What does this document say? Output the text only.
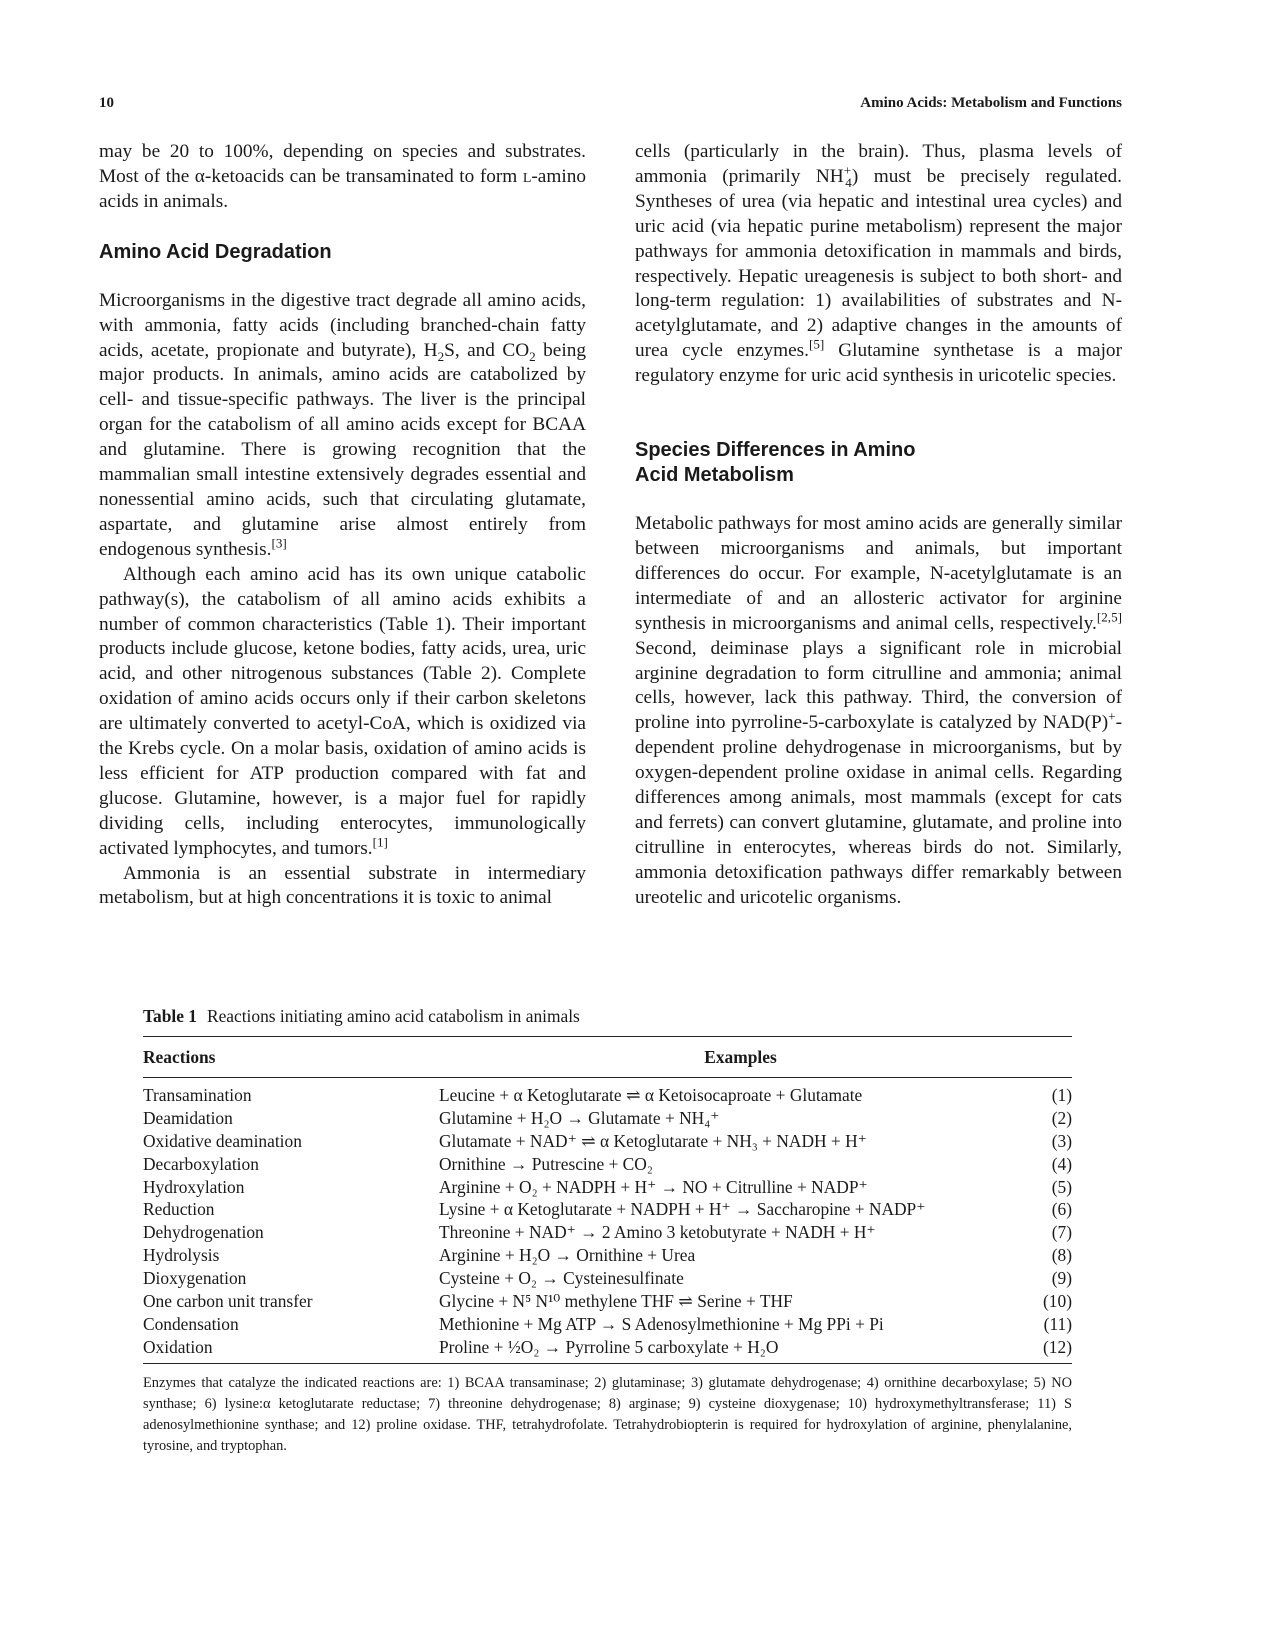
10	Amino Acids: Metabolism and Functions

may be 20 to 100%, depending on species and substrates. Most of the α-ketoacids can be transaminated to form l-amino acids in animals.

Amino Acid Degradation

Microorganisms in the digestive tract degrade all amino acids, with ammonia, fatty acids (including branched-chain fatty acids, acetate, propionate and butyrate), $H_2S$, and $CO_2$ being major products. In animals, amino acids are catabolized by cell- and tissue-specific pathways. The liver is the principal organ for the catabolism of all amino acids except for BCAA and glutamine. There is growing recognition that the mammalian small intestine extensively degrades essential and nonessential amino acids, such that circulating glutamate, aspartate, and glutamine arise almost entirely from endogenous synthesis.[3]

Although each amino acid has its own unique catabolic pathway(s), the catabolism of all amino acids exhibits a number of common characteristics (Table 1). Their important products include glucose, ketone bodies, fatty acids, urea, uric acid, and other nitrogenous substances (Table 2). Complete oxidation of amino acids occurs only if their carbon skeletons are ultimately converted to acetyl-CoA, which is oxidized via the Krebs cycle. On a molar basis, oxidation of amino acids is less efficient for ATP production compared with fat and glucose. Glutamine, however, is a major fuel for rapidly dividing cells, including enterocytes, immunologically activated lymphocytes, and tumors.[1]

Ammonia is an essential substrate in intermediary metabolism, but at high concentrations it is toxic to animal

cells (particularly in the brain). Thus, plasma levels of ammonia (primarily $NH^+_4$) must be precisely regulated. Syntheses of urea (via hepatic and intestinal urea cycles) and uric acid (via hepatic purine metabolism) represent the major pathways for ammonia detoxification in mammals and birds, respectively. Hepatic ureagenesis is subject to both short- and long-term regulation: 1) availabilities of substrates and N-acetylglutamate, and 2) adaptive changes in the amounts of urea cycle enzymes.[5] Glutamine synthetase is a major regulatory enzyme for uric acid synthesis in uricotelic species.

Species Differences in Amino
Acid Metabolism

Metabolic pathways for most amino acids are generally similar between microorganisms and animals, but important differences do occur. For example, N-acetylglutamate is an intermediate of and an allosteric activator for arginine synthesis in microorganisms and animal cells, respectively.[2,5] Second, deiminase plays a significant role in microbial arginine degradation to form citrulline and ammonia; animal cells, however, lack this pathway. Third, the conversion of proline into pyrroline-5-carboxylate is catalyzed by NAD(P)+-dependent proline dehydrogenase in microorganisms, but by oxygen-dependent proline oxidase in animal cells. Regarding differences among animals, most mammals (except for cats and ferrets) can convert glutamine, glutamate, and proline into citrulline in enterocytes, whereas birds do not. Similarly, ammonia detoxification pathways differ remarkably between ureotelic and uricotelic organisms.

Table 1 Reactions initiating amino acid catabolism in animals
Reactions	Examples
Transamination	Leucine + α Ketoglutarate ⇌ α Ketoisocaproate + Glutamate	(1)
Deamidation	Glutamine + H₂O → Glutamate + NH₄⁺	(2)
Oxidative deamination	Glutamate + NAD⁺ ⇌ α Ketoglutarate + NH₃ + NADH + H⁺	(3)
Decarboxylation	Ornithine → Putrescine + CO₂	(4)
Hydroxylation	Arginine + O₂ + NADPH + H⁺ → NO + Citrulline + NADP⁺	(5)
Reduction	Lysine + α Ketoglutarate + NADPH + H⁺ → Saccharopine + NADP⁺	(6)
Dehydrogenation	Threonine + NAD⁺ → 2 Amino 3 ketobutyrate + NADH + H⁺	(7)
Hydrolysis	Arginine + H₂O → Ornithine + Urea	(8)
Dioxygenation	Cysteine + O₂ → Cysteinesulfinate	(9)
One carbon unit transfer	Glycine + N⁵ N¹⁰ methylene THF ⇌ Serine + THF	(10)
Condensation	Methionine + Mg ATP → S Adenosylmethionine + Mg PPi + Pi	(11)
Oxidation	Proline + ½O₂ → Pyrroline 5 carboxylate + H₂O	(12)
Enzymes that catalyze the indicated reactions are: 1) BCAA transaminase; 2) glutaminase; 3) glutamate dehydrogenase; 4) ornithine decarboxylase; 5) NO synthase; 6) lysine:α ketoglutarate reductase; 7) threonine dehydrogenase; 8) arginase; 9) cysteine dioxygenase; 10) hydroxymethyltransferase; 11) S adenosylmethionine synthase; and 12) proline oxidase. THF, tetrahydrofolate. Tetrahydrobiopterin is required for hydroxylation of arginine, phenylalanine, tyrosine, and tryptophan.
